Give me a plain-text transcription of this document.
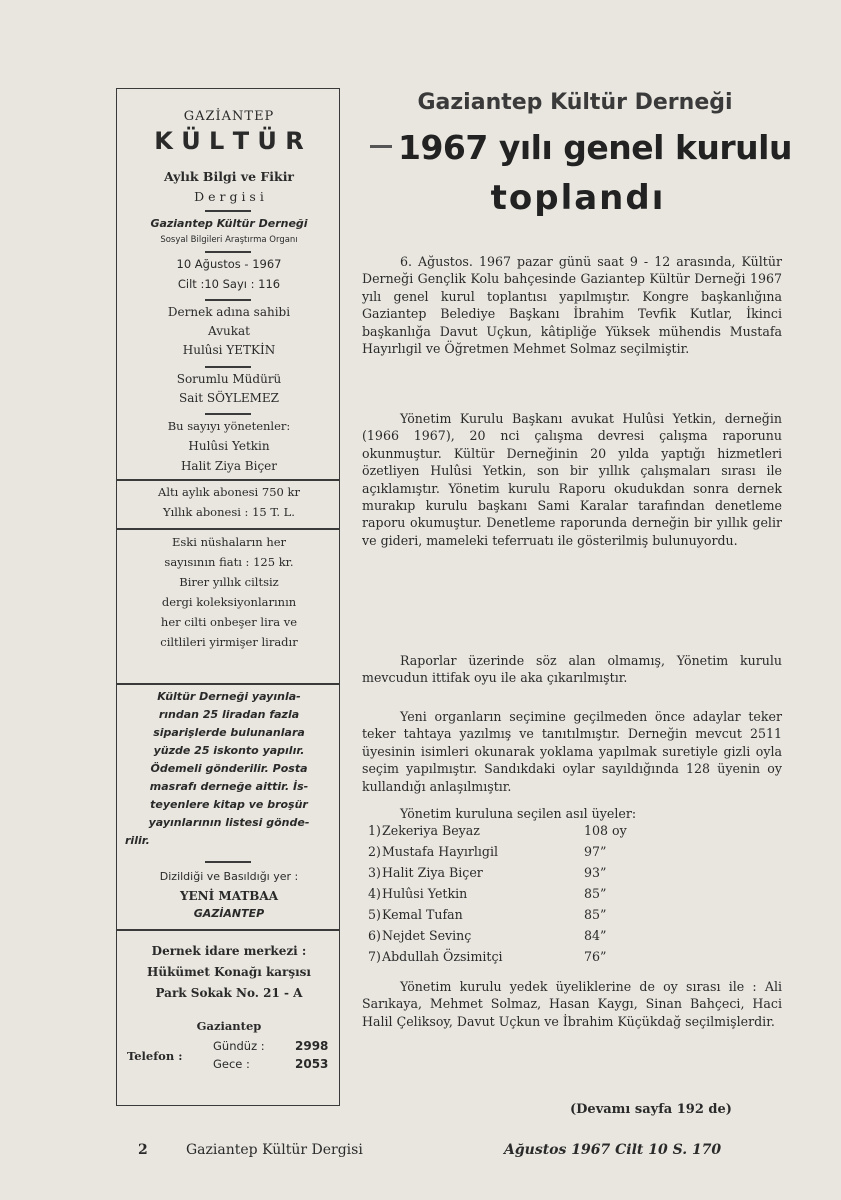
GAZİANTEP
K Ü L T Ü R
Aylık Bilgi ve Fikir
D e r g i s i
Gaziantep Kültür Derneği
Sosyal Bilgileri Araştırma Organı
10 Ağustos - 1967
Cilt :10 Sayı : 116
Dernek adına sahibi
Avukat
Hulûsi YETKİN
Sorumlu Müdürü
Sait SÖYLEMEZ
Bu sayıyı yönetenler:
Hulûsi Yetkin
Halit Ziya Biçer
Altı aylık abonesi 750 kr
Yıllık abonesi : 15 T. L.
Eski nüshaların her
sayısının fiatı : 125 kr.
Birer yıllık ciltsiz
dergi koleksiyonlarının
her cilti onbeşer lira ve
ciltlileri yirmişer liradır
Kültür Derneği yayınla-
rından 25 liradan fazla
siparişlerde bulunanlara
yüzde 25 iskonto yapılır.
Ödemeli gönderilir. Posta
masrafı derneğe aittir. İs-
teyenlere kitap ve broşür
yayınlarının listesi gönde-
rilir.
Dizildiği ve Basıldığı yer :
YENİ MATBAA
GAZİANTEP
Dernek idare merkezi :
Hükümet Konağı karşısı
Park Sokak No. 21 - A
Gaziantep
Telefon :
Gündüz :	2998
Gece :	2053
Gaziantep Kültür Derneği
1967 yılı genel kurulu
toplandı

6. Ağustos. 1967 pazar günü saat 9 - 12 arasında, Kültür Derneği Gençlik Kolu bahçesinde Gaziantep Kültür Derneği 1967 yılı genel kurul toplantısı yapılmıştır. Kongre başkanlığına Gaziantep Belediye Başkanı İbrahim Tevfik Kutlar, İkinci başkanlığa Davut Uçkun, kâtipliğe Yüksek mühendis Mustafa Hayırlıgil ve Öğretmen Mehmet Solmaz seçilmiştir.

Yönetim Kurulu Başkanı avukat Hulûsi Yetkin, derneğin (1966 1967), 20 nci çalışma devresi çalışma raporunu okunmuştur. Kültür Derneğinin 20 yılda yaptığı hizmetleri özetliyen Hulûsi Yetkin, son bir yıllık çalışmaları sırası ile açıklamıştır. Yönetim kurulu Raporu okudukdan sonra dernek murakıp kurulu başkanı Sami Karalar tarafından denetleme raporu okumuştur. Denetleme raporunda derneğin bir yıllık gelir ve gideri, mameleki teferruatı ile gösterilmiş bulunuyordu.

Raporlar üzerinde söz alan olmamış, Yönetim kurulu mevcudun ittifak oyu ile aka çıkarılmıştır.

Yeni organların seçimine geçilmeden önce adaylar teker teker tahtaya yazılmış ve tanıtılmıştır. Derneğin mevcut 2511 üyesinin isimleri okunarak yoklama yapılmak suretiyle gizli oyla seçim yapılmıştır. Sandıkdaki oylar sayıldığında 128 üyenin oy kullandığı anlaşılmıştır.

Yönetim kuruluna seçilen asıl üyeler:

1) Zekeriya Beyaz	108 oy
2) Mustafa Hayırlıgil	97”
3) Halit Ziya Biçer	93”
4) Hulûsi Yetkin	85”
5) Kemal Tufan	85”
6) Nejdet Sevinç	84”
7) Abdullah Özsimitçi	76”

Yönetim kurulu yedek üyeliklerine de oy sırası ile : Ali Sarıkaya, Mehmet Solmaz, Hasan Kaygı, Sinan Bahçeci, Haci Halil Çeliksoy, Davut Uçkun ve İbrahim Küçükdağ seçilmişlerdir.

(Devamı sayfa 192 de)
2	Gaziantep Kültür Dergisi	Ağustos 1967 Cilt 10 S. 170
